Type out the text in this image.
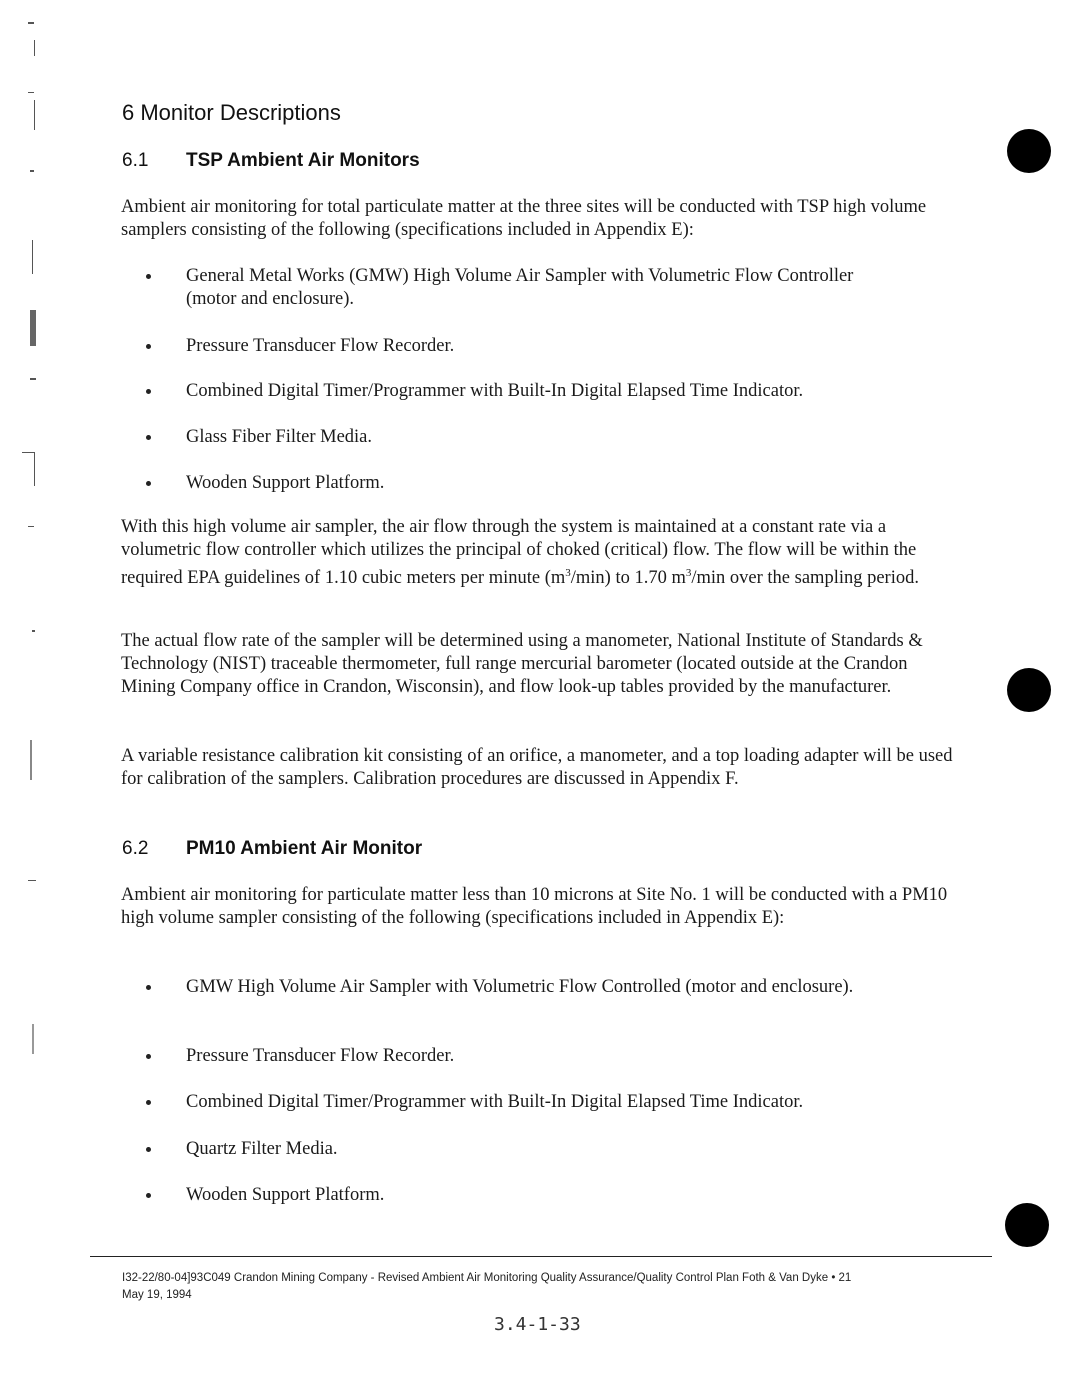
6 Monitor Descriptions
6.1 TSP Ambient Air Monitors

Ambient air monitoring for total particulate matter at the three sites will be conducted with TSP high volume samplers consisting of the following (specifications included in Appendix E):

General Metal Works (GMW) High Volume Air Sampler with Volumetric Flow Controller (motor and enclosure).
Pressure Transducer Flow Recorder.
Combined Digital Timer/Programmer with Built-In Digital Elapsed Time Indicator.
Glass Fiber Filter Media.
Wooden Support Platform.

With this high volume air sampler, the air flow through the system is maintained at a constant rate via a volumetric flow controller which utilizes the principal of choked (critical) flow. The flow will be within the required EPA guidelines of 1.10 cubic meters per minute $(m^3/\min)$ to 1.70 $m^3/\min$ over the sampling period.

The actual flow rate of the sampler will be determined using a manometer, National Institute of Standards & Technology (NIST) traceable thermometer, full range mercurial barometer (located outside at the Crandon Mining Company office in Crandon, Wisconsin), and flow look-up tables provided by the manufacturer.

A variable resistance calibration kit consisting of an orifice, a manometer, and a top loading adapter will be used for calibration of the samplers. Calibration procedures are discussed in Appendix F.

6.2 PM10 Ambient Air Monitor

Ambient air monitoring for particulate matter less than 10 microns at Site No. 1 will be conducted with a PM10 high volume sampler consisting of the following (specifications included in Appendix E):

GMW High Volume Air Sampler with Volumetric Flow Controlled (motor and enclosure).
Pressure Transducer Flow Recorder.
Combined Digital Timer/Programmer with Built-In Digital Elapsed Time Indicator.
Quartz Filter Media.
Wooden Support Platform.
I32-22/80-04]93C049 Crandon Mining Company - Revised Ambient Air Monitoring Quality Assurance/Quality Control Plan Foth & Van Dyke • 21
May 19, 1994
3.4-1-33
